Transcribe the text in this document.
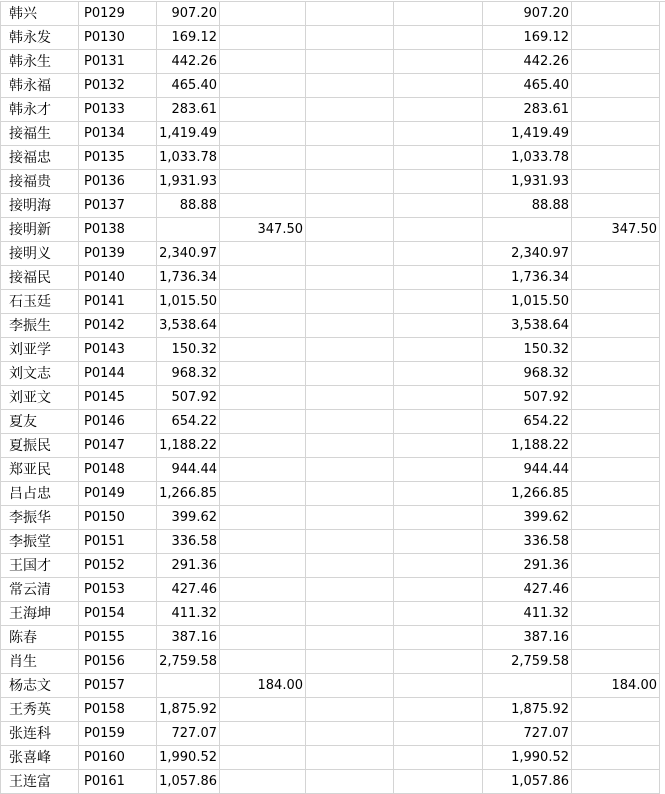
韩兴	P0129	907.20	907.20
韩永发	P0130	169.12	169.12
韩永生	P0131	442.26	442.26
韩永福	P0132	465.40	465.40
韩永才	P0133	283.61	283.61
接福生	P0134	1,419.49	1,419.49
接福忠	P0135	1,033.78	1,033.78
接福贵	P0136	1,931.93	1,931.93
接明海	P0137	88.88	88.88
接明新	P0138	347.50	347.50
接明义	P0139	2,340.97	2,340.97
接福民	P0140	1,736.34	1,736.34
石玉廷	P0141	1,015.50	1,015.50
李振生	P0142	3,538.64	3,538.64
刘亚学	P0143	150.32	150.32
刘文志	P0144	968.32	968.32
刘亚文	P0145	507.92	507.92
夏友	P0146	654.22	654.22
夏振民	P0147	1,188.22	1,188.22
郑亚民	P0148	944.44	944.44
吕占忠	P0149	1,266.85	1,266.85
李振华	P0150	399.62	399.62
李振堂	P0151	336.58	336.58
王国才	P0152	291.36	291.36
常云清	P0153	427.46	427.46
王海坤	P0154	411.32	411.32
陈春	P0155	387.16	387.16
肖生	P0156	2,759.58	2,759.58
杨志文	P0157	184.00	184.00
王秀英	P0158	1,875.92	1,875.92
张连科	P0159	727.07	727.07
张喜峰	P0160	1,990.52	1,990.52
王连富	P0161	1,057.86	1,057.86
